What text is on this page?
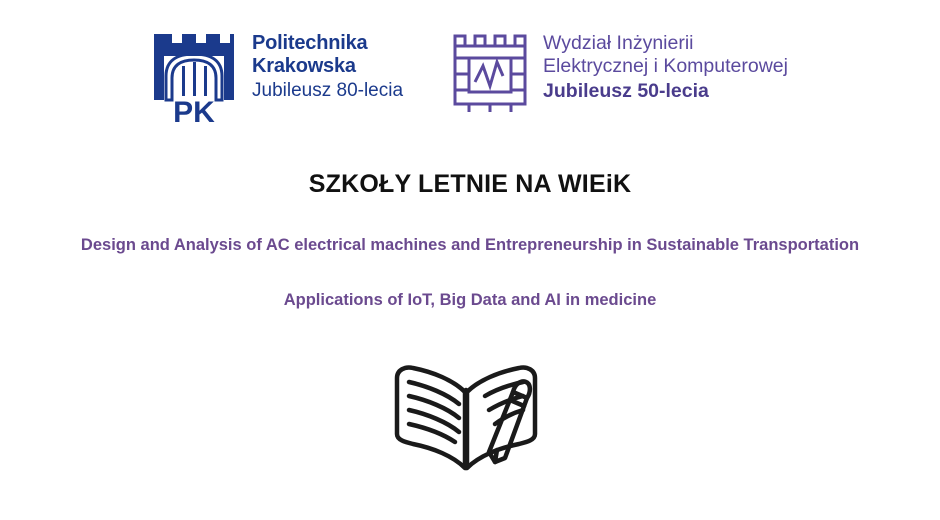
PK
Politechnika
Krakowska
Jubileusz 80-lecia
Wydział Inżynierii
Elektrycznej i Komputerowej
Jubileusz 50-lecia
SZKOŁY LETNIE NA WIEiK
Design and Analysis of AC electrical machines and Entrepreneurship in Sustainable Transportation
Applications of IoT, Big Data and AI in medicine
